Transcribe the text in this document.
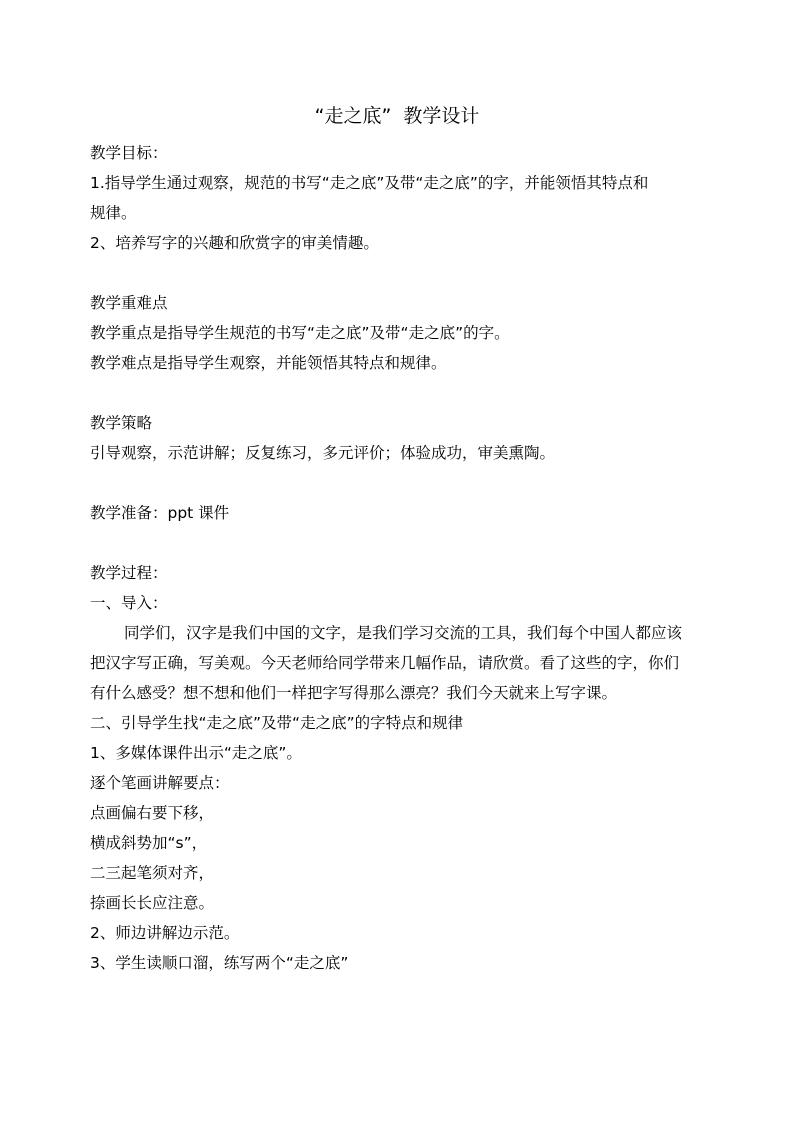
“走之底”  教学设计
教学目标：
1.指导学生通过观察，规范的书写“走之底”及带“走之底”的字，并能领悟其特点和
规律。
2、培养写字的兴趣和欣赏字的审美情趣。
教学重难点
教学重点是指导学生规范的书写“走之底”及带“走之底”的字。
教学难点是指导学生观察，并能领悟其特点和规律。
教学策略
引导观察，示范讲解；反复练习，多元评价；体验成功，审美熏陶。
教学准备：ppt 课件
教学过程：
一、导入：
同学们，汉字是我们中国的文字，是我们学习交流的工具，我们每个中国人都应该
把汉字写正确，写美观。今天老师给同学带来几幅作品，请欣赏。看了这些的字，你们
有什么感受？想不想和他们一样把字写得那么漂亮？我们今天就来上写字课。
二、引导学生找“走之底”及带“走之底”的字特点和规律
1、多媒体课件出示“走之底”。
逐个笔画讲解要点：
点画偏右要下移，
横成斜势加“s”，
二三起笔须对齐，
捺画长长应注意。
2、师边讲解边示范。
3、学生读顺口溜，练写两个“走之底”
